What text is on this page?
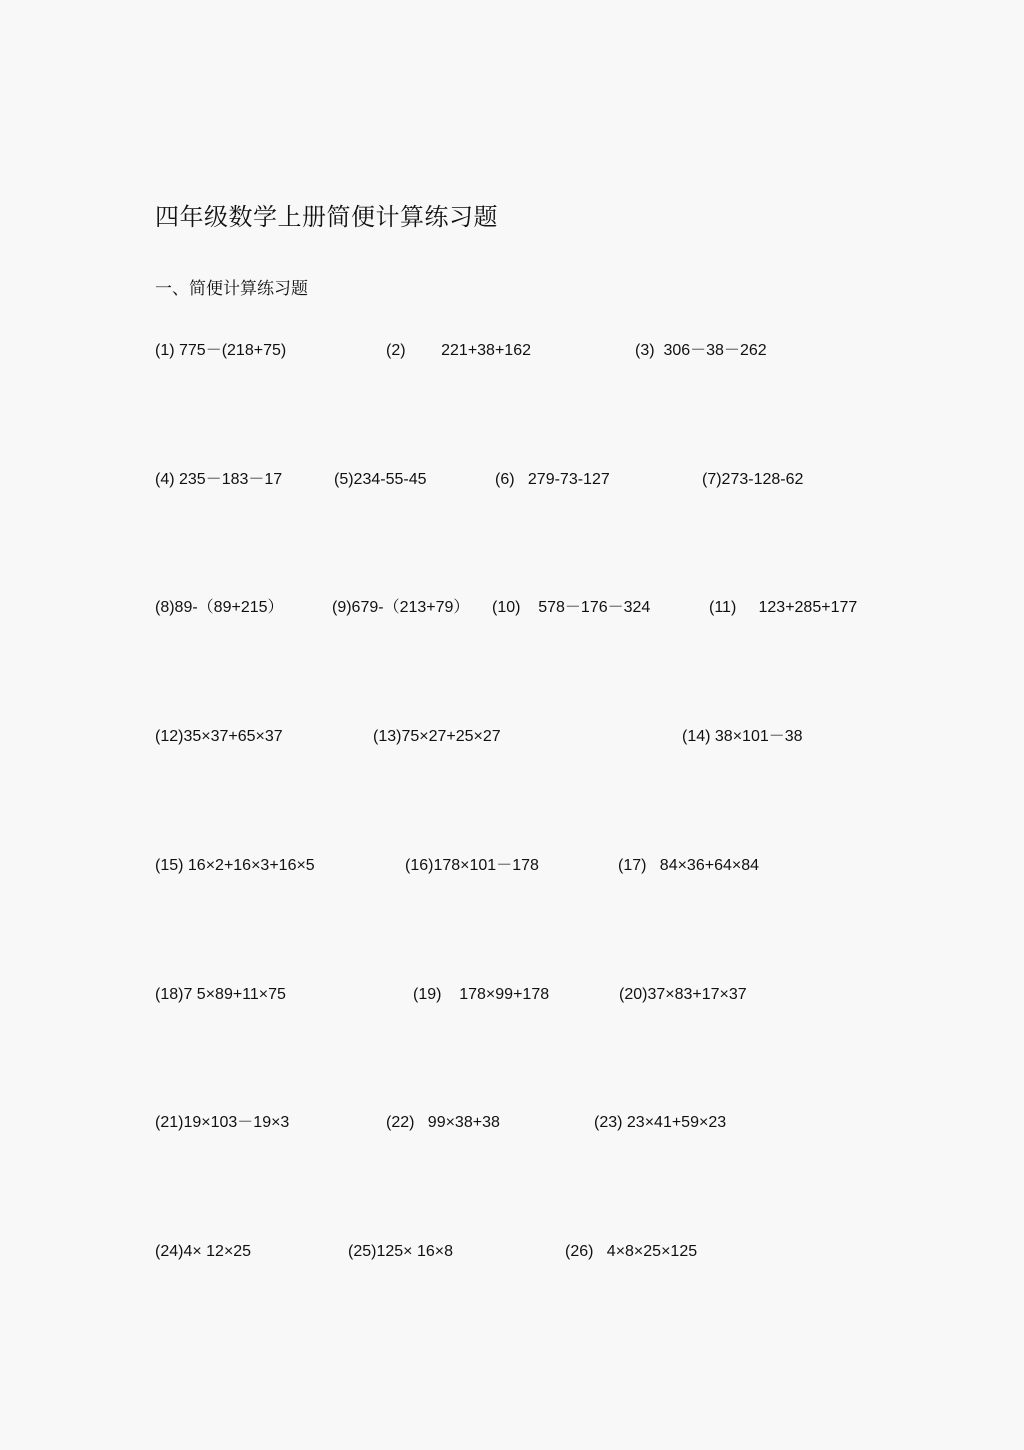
四年级数学上册简便计算练习题
一、简便计算练习题
(1) 775－(218+75)	(2)        221+38+162	(3)  306－38－262
(4) 235－183－17	(5)234-55-45	(6)   279-73-127	(7)273-128-62
(8)89-（89+215）	(9)679-（213+79） (10)    578－176－324	(11)     123+285+177
(12)35×37+65×37	(13)75×27+25×27	(14) 38×101－38
(15) 16×2+16×3+16×5	(16)178×101－178	(17)   84×36+64×84
(18)7 5×89+11×75	(19)    178×99+178	(20)37×83+17×37
(21)19×103－19×3	(22)   99×38+38	(23) 23×41+59×23
(24)4× 12×25	(25)125× 16×8	(26)   4×8×25×125
